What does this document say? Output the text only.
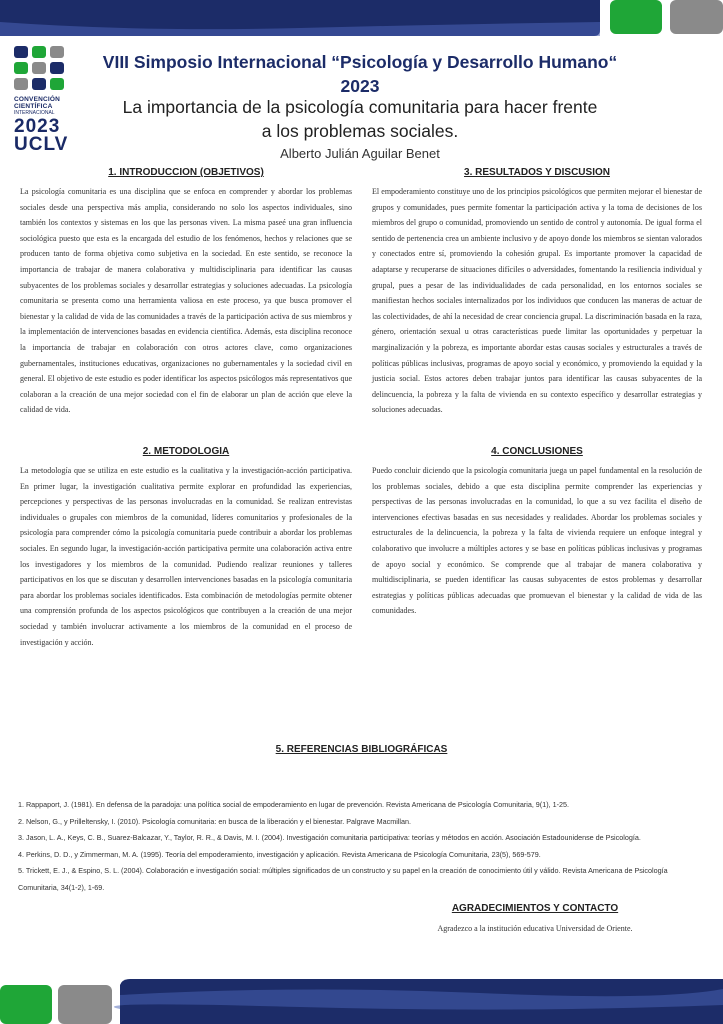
CONVENCIÓN
CIENTÍFICA
INTERNACIONAL
2023
UCLV
VIII Simposio Internacional “Psicología y Desarrollo Humano“
2023
La importancia de la psicología comunitaria para hacer frente
a los problemas sociales.
Alberto Julián Aguilar Benet
1. INTRODUCCION (OBJETIVOS)
La psicología comunitaria es una disciplina que se enfoca en comprender y abordar los problemas sociales desde una perspectiva más amplia, considerando no solo los aspectos individuales, sino también los contextos y sistemas en los que las personas viven. La misma paseé una gran influencia sociológica puesto que esta es la encargada del estudio de los fenómenos, hechos y relaciones que se producen tanto de forma objetiva como subjetiva en la sociedad. En este sentido, se reconoce la importancia de trabajar de manera colaborativa y multidisciplinaria para identificar las causas subyacentes de los problemas sociales y desarrollar estrategias y soluciones adecuadas. La psicología comunitaria se presenta como una herramienta valiosa en este proceso, ya que busca promover el bienestar y la calidad de vida de las comunidades a través de la participación activa de sus miembros y la implementación de intervenciones basadas en evidencia científica. Además, esta disciplina reconoce la importancia de trabajar en colaboración con otros actores clave, como organizaciones gubernamentales, instituciones educativas, organizaciones no gubernamentales y la sociedad civil en general. El objetivo de este estudio es poder identificar los aspectos psicólogos más representativos que colaboran a la creación de una mejor sociedad con el fin de elaborar un plan de acción que eleve la calidad de vida.
2. METODOLOGIA
La metodología que se utiliza en este estudio es la cualitativa y la investigación-acción participativa. En primer lugar, la investigación cualitativa permite explorar en profundidad las experiencias, percepciones y perspectivas de las personas involucradas en la comunidad. Se realizan entrevistas individuales o grupales con miembros de la comunidad, líderes comunitarios y profesionales de la psicología para comprender cómo la psicología comunitaria puede contribuir a abordar los problemas sociales. En segundo lugar, la investigación-acción participativa permite una colaboración activa entre los investigadores y los miembros de la comunidad. Pudiendo realizar reuniones y talleres participativos en los que se discutan y desarrollen intervenciones basadas en la psicología comunitaria para abordar los problemas sociales identificados. Esta combinación de metodologías permite obtener una comprensión profunda de los aspectos psicológicos que contribuyen a la creación de una mejor sociedad y también involucrar activamente a los miembros de la comunidad en el proceso de investigación y acción.
3. RESULTADOS Y DISCUSION
El empoderamiento constituye uno de los principios psicológicos que permiten mejorar el bienestar de grupos y comunidades, pues permite fomentar la participación activa y la toma de decisiones de los miembros del grupo o comunidad, promoviendo un sentido de control y autonomía. De igual forma el sentido de pertenencia crea un ambiente inclusivo y de apoyo donde los miembros se sientan valorados y conectados entre sí, promoviendo la cohesión grupal. Es importante promover la capacidad de adaptarse y recuperarse de situaciones difíciles o adversidades, fomentando la resiliencia individual y grupal, pues a pesar de las individualidades de cada personalidad, en los entornos sociales se manifiestan hechos sociales internalizados por los individuos que conducen las maneras de actuar de las colectividades, de ahí la necesidad de crear conciencia grupal. La discriminación basada en la raza, género, orientación sexual u otras características puede limitar las oportunidades y perpetuar la marginalización y la pobreza, es importante abordar estas causas sociales y estructurales a través de políticas públicas inclusivas, programas de apoyo social y económico, y promoviendo la equidad y la justicia social. Estos actores deben trabajar juntos para identificar las causas subyacentes de la delincuencia, la pobreza y la falta de vivienda en su contexto específico y desarrollar estrategias y soluciones adecuadas.
4. CONCLUSIONES
Puedo concluir diciendo que la psicología comunitaria juega un papel fundamental en la resolución de los problemas sociales, debido a que esta disciplina permite comprender las experiencias y perspectivas de las personas involucradas en la comunidad, lo que a su vez facilita el diseño de intervenciones efectivas basadas en sus necesidades y realidades. Abordar los problemas sociales y estructurales de la delincuencia, la pobreza y la falta de vivienda requiere un enfoque integral y colaborativo que involucre a múltiples actores y se base en políticas públicas inclusivas y programas de apoyo social y económico. Se comprende que al trabajar de manera colaborativa y multidisciplinaria, se pueden identificar las causas subyacentes de estos problemas y desarrollar estrategias y políticas públicas adecuadas que promuevan el bienestar y la calidad de vida de las comunidades.
5. REFERENCIAS BIBLIOGRÁFICAS

1. Rappaport, J. (1981). En defensa de la paradoja: una política social de empoderamiento en lugar de prevención. Revista Americana de Psicología Comunitaria, 9(1), 1-25.

2. Nelson, G., y Prilleltensky, I. (2010). Psicología comunitaria: en busca de la liberación y el bienestar. Palgrave Macmillan.

3. Jason, L. A., Keys, C. B., Suarez-Balcazar, Y., Taylor, R. R., & Davis, M. I. (2004). Investigación comunitaria participativa: teorías y métodos en acción. Asociación Estadounidense de Psicología.

4. Perkins, D. D., y Zimmerman, M. A. (1995). Teoría del empoderamiento, investigación y aplicación. Revista Americana de Psicología Comunitaria, 23(5), 569-579.

5. Trickett, E. J., & Espino, S. L. (2004). Colaboración e investigación social: múltiples significados de un constructo y su papel en la creación de conocimiento útil y válido. Revista Americana de Psicología Comunitaria, 34(1-2), 1-69.

AGRADECIMIENTOS Y CONTACTO
Agradezco a la institución educativa Universidad de Oriente.
